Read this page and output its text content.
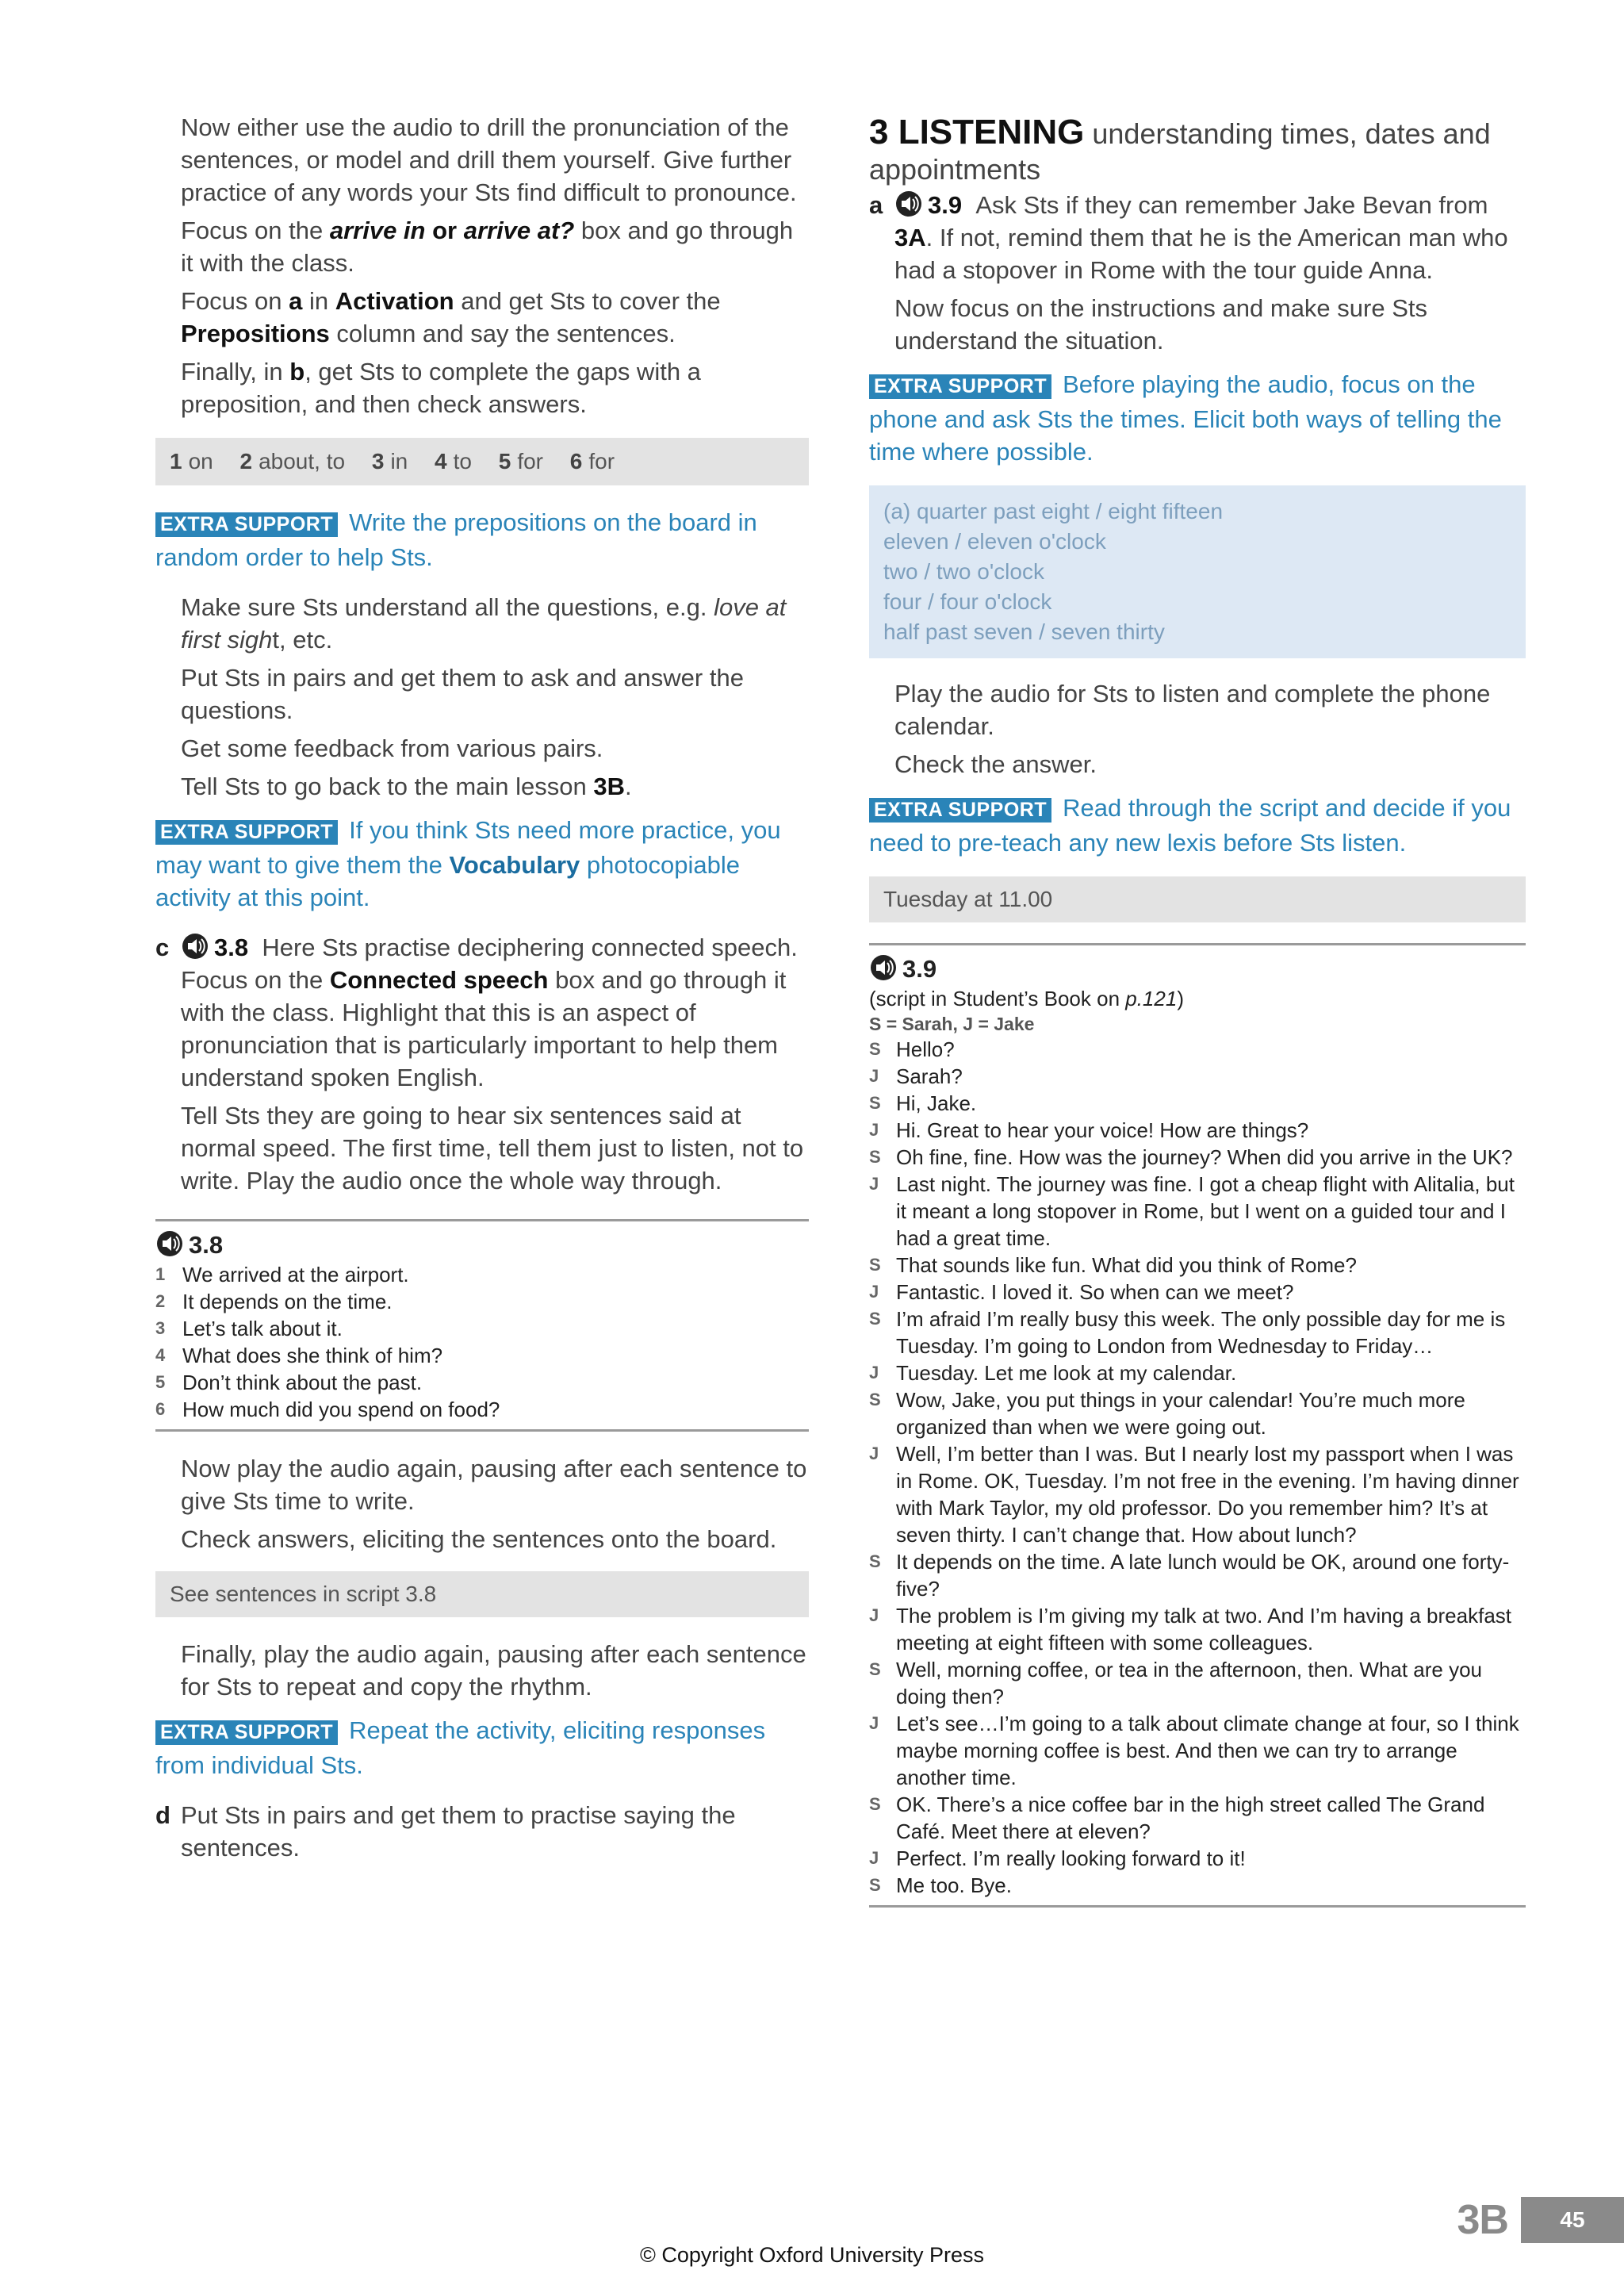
Now either use the audio to drill the pronunciation of the sentences, or model and drill them yourself. Give further practice of any words your Sts find difficult to pronounce.

Focus on the arrive in or arrive at? box and go through it with the class.

Focus on a in Activation and get Sts to cover the Prepositions column and say the sentences.

Finally, in b, get Sts to complete the gaps with a preposition, and then check answers.

1 on 2 about, to 3 in 4 to 5 for 6 for
EXTRA SUPPORT Write the prepositions on the board in random order to help Sts.

Make sure Sts understand all the questions, e.g. love at first sight, etc.

Put Sts in pairs and get them to ask and answer the questions.

Get some feedback from various pairs.

Tell Sts to go back to the main lesson 3B.

EXTRA SUPPORT If you think Sts need more practice, you may want to give them the Vocabulary photocopiable activity at this point.

c 3.8 Here Sts practise deciphering connected speech. Focus on the Connected speech box and go through it with the class. Highlight that this is an aspect of pronunciation that is particularly important to help them understand spoken English.

Tell Sts they are going to hear six sentences said at normal speed. The first time, tell them just to listen, not to write. Play the audio once the whole way through.

3.8
1 We arrived at the airport.
2 It depends on the time.
3 Let’s talk about it.
4 What does she think of him?
5 Don’t think about the past.
6 How much did you spend on food?

Now play the audio again, pausing after each sentence to give Sts time to write.

Check answers, eliciting the sentences onto the board.

See sentences in script 3.8

Finally, play the audio again, pausing after each sentence for Sts to repeat and copy the rhythm.

EXTRA SUPPORT Repeat the activity, eliciting responses from individual Sts.

d Put Sts in pairs and get them to practise saying the sentences.

3 LISTENING understanding times, dates and appointments

a 3.9 Ask Sts if they can remember Jake Bevan from 3A. If not, remind them that he is the American man who had a stopover in Rome with the tour guide Anna.

Now focus on the instructions and make sure Sts understand the situation.

EXTRA SUPPORT Before playing the audio, focus on the phone and ask Sts the times. Elicit both ways of telling the time where possible.
(a) quarter past eight / eight fifteen
eleven / eleven o'clock
two / two o'clock
four / four o'clock
half past seven / seven thirty

Play the audio for Sts to listen and complete the phone calendar.

Check the answer.

EXTRA SUPPORT Read through the script and decide if you need to pre-teach any new lexis before Sts listen.
Tuesday at 11.00
3.9
(script in Student’s Book on p.121)
S = Sarah, J = Jake
S Hello?
J Sarah?
S Hi, Jake.
J Hi. Great to hear your voice! How are things?
S Oh fine, fine. How was the journey? When did you arrive in the UK?
J Last night. The journey was fine. I got a cheap flight with Alitalia, but it meant a long stopover in Rome, but I went on a guided tour and I had a great time.
S That sounds like fun. What did you think of Rome?
J Fantastic. I loved it. So when can we meet?
S I’m afraid I’m really busy this week. The only possible day for me is Tuesday. I’m going to London from Wednesday to Friday…
J Tuesday. Let me look at my calendar.
S Wow, Jake, you put things in your calendar! You’re much more organized than when we were going out.
J Well, I’m better than I was. But I nearly lost my passport when I was in Rome. OK, Tuesday. I’m not free in the evening. I’m having dinner with Mark Taylor, my old professor. Do you remember him? It’s at seven thirty. I can’t change that. How about lunch?
S It depends on the time. A late lunch would be OK, around one forty-five?
J The problem is I’m giving my talk at two. And I’m having a breakfast meeting at eight fifteen with some colleagues.
S Well, morning coffee, or tea in the afternoon, then. What are you doing then?
J Let’s see…I’m going to a talk about climate change at four, so I think maybe morning coffee is best. And then we can try to arrange another time.
S OK. There’s a nice coffee bar in the high street called The Grand Café. Meet there at eleven?
J Perfect. I’m really looking forward to it!
S Me too. Bye.
3B	45
© Copyright Oxford University Press
